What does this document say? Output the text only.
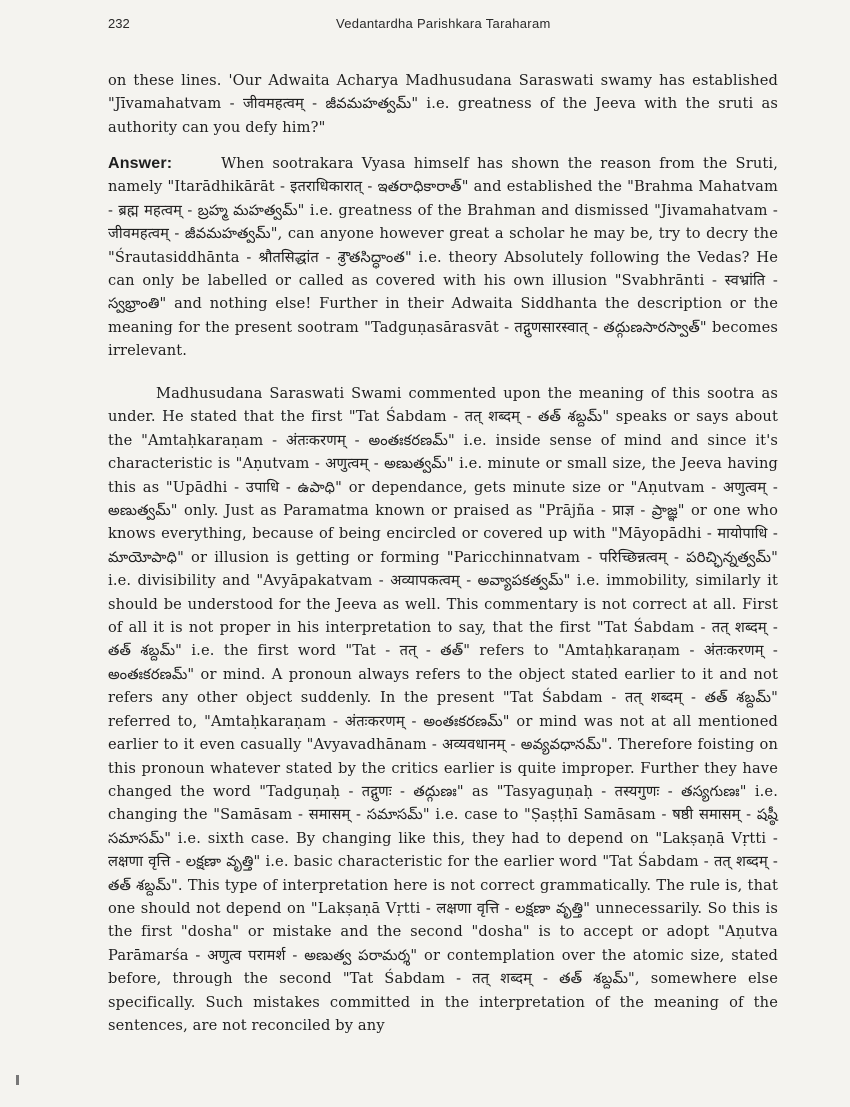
232	Vedantardha Parishkara Taraharam

on these lines. 'Our Adwaita Acharya Madhusudana Saraswati swamy has established "Jīvamahatvam - जीवमहत्वम् - జీవమహత్వమ్" i.e. greatness of the Jeeva with the sruti as authority can you defy him?"

Answer:	When sootrakara Vyasa himself has shown the reason from the Sruti, namely "Itarādhikārāt - इतराधिकारात् - ఇతరాధికారాత్" and established the "Brahma Mahatvam - ब्रह्म महत्वम् - బ్రహ్మ మహత్వమ్" i.e. greatness of the Brahman and dismissed "Jivamahatvam - जीवमहत्वम् - జీవమహత్వమ్", can anyone however great a scholar he may be, try to decry the "Śrautasiddhānta - श्रौतसिद्धांत - శ్రౌతసిద్ధాంత" i.e. theory Absolutely following the Vedas? He can only be labelled or called as covered with his own illusion "Svabhrānti - स्वभ्रांति - స్వభ్రాంతి" and nothing else! Further in their Adwaita Siddhanta the description or the meaning for the present sootram "Tadguṇasārasvāt - तद्गुणसारस्वात् - తద్గుణసారస్వాత్" becomes irrelevant.

Madhusudana Saraswati Swami commented upon the meaning of this sootra as under. He stated that the first "Tat Śabdam - तत् शब्दम् - తత్ శబ్దమ్" speaks or says about the "Amtaḥkaraṇam - अंतःकरणम् - అంతఃకరణమ్" i.e. inside sense of mind and since it's characteristic is "Aṇutvam - अणुत्वम् - అణుత్వమ్" i.e. minute or small size, the Jeeva having this as "Upādhi - उपाधि - ఉపాధి" or dependance, gets minute size or "Aṇutvam - अणुत्वम् - అణుత్వమ్" only. Just as Paramatma known or praised as "Prājña - प्राज्ञ - ప్రాజ్ఞ" or one who knows everything, because of being encircled or covered up with "Māyopādhi - मायोपाधि - మాయోపాధి" or illusion is getting or forming "Paricchinnatvam - परिच्छिन्नत्वम् - పరిచ్ఛిన్నత్వమ్" i.e. divisibility and "Avyāpakatvam - अव्यापकत्वम् - అవ్యాపకత్వమ్" i.e. immobility, similarly it should be understood for the Jeeva as well. This commentary is not correct at all. First of all it is not proper in his interpretation to say, that the first "Tat Śabdam - तत् शब्दम् - తత్ శబ్దమ్" i.e. the first word "Tat - तत् - తత్" refers to "Amtaḥkaraṇam - अंतःकरणम् - అంతఃకరణమ్" or mind. A pronoun always refers to the object stated earlier to it and not refers any other object suddenly. In the present "Tat Śabdam - तत् शब्दम् - తత్ శబ్దమ్" referred to, "Amtaḥkaraṇam - अंतःकरणम् - అంతఃకరణమ్" or mind was not at all mentioned earlier to it even casually "Avyavadhānam - अव्यवधानम् - అవ్యవధానమ్". Therefore foisting on this pronoun whatever stated by the critics earlier is quite improper. Further they have changed the word "Tadguṇaḥ - तद्गुणः - తద్గుణః" as "Tasyaguṇaḥ - तस्यगुणः - తస్యగుణః" i.e. changing the "Samāsam - समासम् - సమాసమ్" i.e. case to "Ṣaṣṭhī Samāsam - षष्ठी समासम् - షష్ఠీ సమాసమ్" i.e. sixth case. By changing like this, they had to depend on "Lakṣaṇā Vṛtti - लक्षणा वृत्ति - లక్షణా వృత్తి" i.e. basic characteristic for the earlier word "Tat Śabdam - तत् शब्दम् - తత్ శబ్దమ్". This type of interpretation here is not correct grammatically. The rule is, that one should not depend on "Lakṣaṇā Vṛtti - लक्षणा वृत्ति - లక్షణా వృత్తి" unnecessarily. So this is the first "dosha" or mistake and the second "dosha" is to accept or adopt "Aṇutva Parāmarśa - अणुत्व परामर्श - అణుత్వ పరామర్శ" or contemplation over the atomic size, stated before, through the second "Tat Śabdam - तत् शब्दम् - తత్ శబ్దమ్", somewhere else specifically. Such mistakes committed in the interpretation of the meaning of the sentences, are not reconciled by any
